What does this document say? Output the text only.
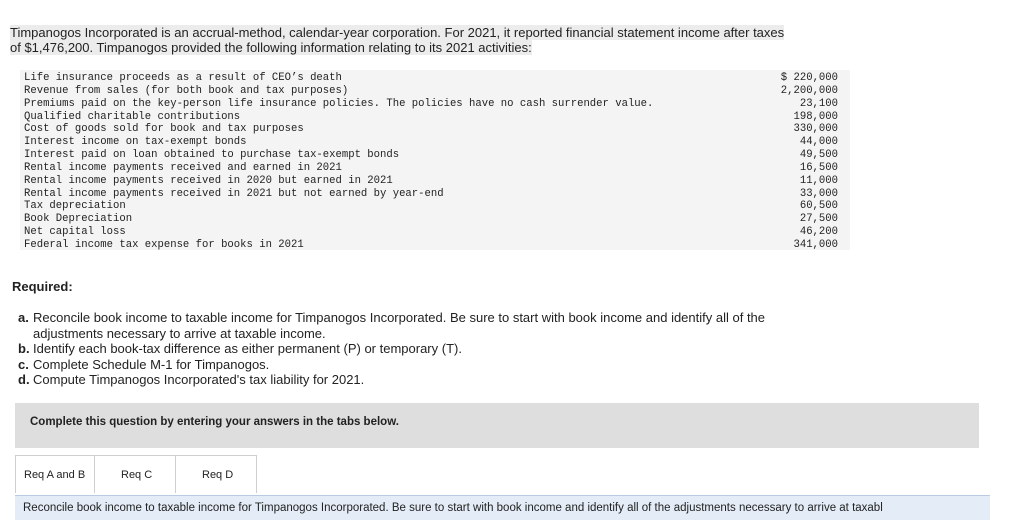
Timpanogos Incorporated is an accrual-method, calendar-year corporation. For 2021, it reported financial statement income after taxes
of $1,476,200. Timpanogos provided the following information relating to its 2021 activities:
Life insurance proceeds as a result of CEO’s death	$ 220,000
Revenue from sales (for both book and tax purposes)	2,200,000
Premiums paid on the key-person life insurance policies. The policies have no cash surrender value.	23,100
Qualified charitable contributions	198,000
Cost of goods sold for book and tax purposes	330,000
Interest income on tax-exempt bonds	44,000
Interest paid on loan obtained to purchase tax-exempt bonds	49,500
Rental income payments received and earned in 2021	16,500
Rental income payments received in 2020 but earned in 2021	11,000
Rental income payments received in 2021 but not earned by year-end	33,000
Tax depreciation	60,500
Book Depreciation	27,500
Net capital loss	46,200
Federal income tax expense for books in 2021	341,000
Required:
a. Reconcile book income to taxable income for Timpanogos Incorporated. Be sure to start with book income and identify all of the adjustments necessary to arrive at taxable income.
b. Identify each book-tax difference as either permanent (P) or temporary (T).
c. Complete Schedule M-1 for Timpanogos.
d. Compute Timpanogos Incorporated's tax liability for 2021.
Complete this question by entering your answers in the tabs below.
Req A and B	Req C	Req D
Reconcile book income to taxable income for Timpanogos Incorporated. Be sure to start with book income and identify all of the adjustments necessary to arrive at taxabl
